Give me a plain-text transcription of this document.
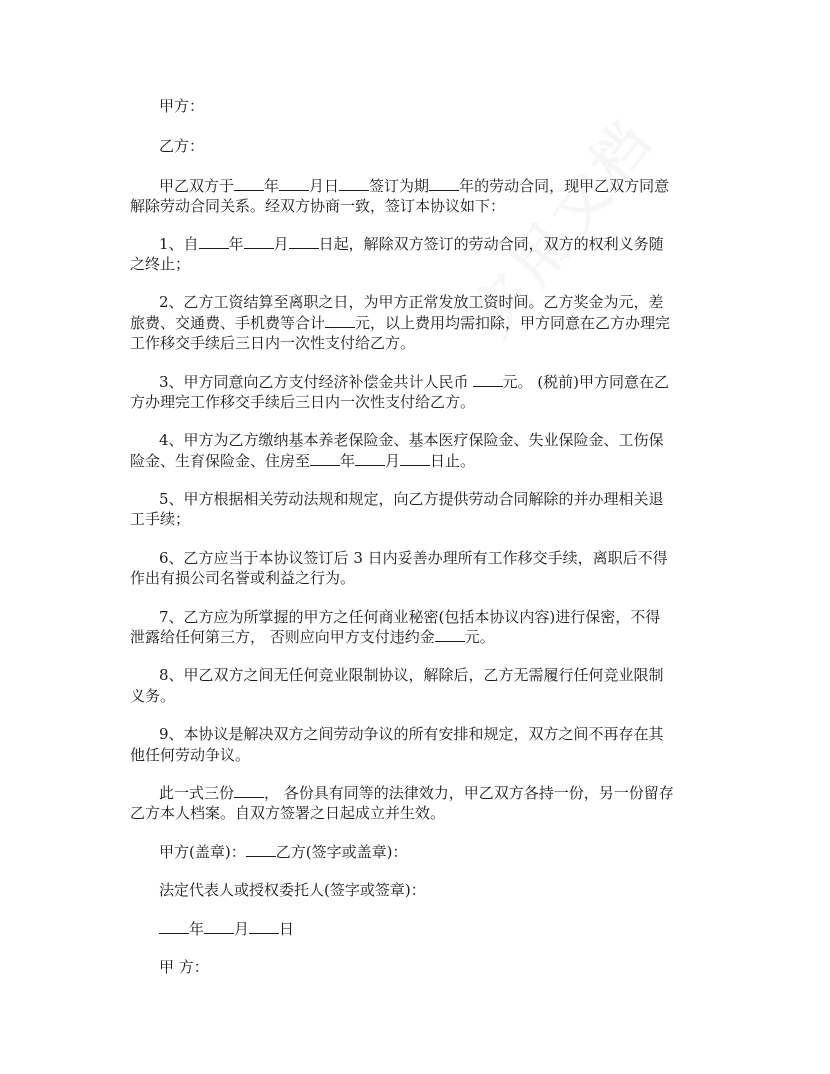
甲方：
乙方：
甲乙双方于 年 月日 签订为期 年的劳动合同，现甲乙双方同意
解除劳动合同关系。经双方协商一致，签订本协议如下：
1、自 年 月 日起，解除双方签订的劳动合同，双方的权利义务随
之终止；
2、乙方工资结算至离职之日，为甲方正常发放工资时间。乙方奖金为元，差
旅费、交通费、手机费等合计 元，以上费用均需扣除，甲方同意在乙方办理完
工作移交手续后三日内一次性支付给乙方。
3、甲方同意向乙方支付经济补偿金共计人民币 元。 (税前)甲方同意在乙
方办理完工作移交手续后三日内一次性支付给乙方。
4、甲方为乙方缴纳基本养老保险金、基本医疗保险金、失业保险金、工伤保
险金、生育保险金、住房至 年 月 日止。
5、甲方根据相关劳动法规和规定，向乙方提供劳动合同解除的并办理相关退
工手续；
6、乙方应当于本协议签订后 3 日内妥善办理所有工作移交手续，离职后不得
作出有损公司名誉或利益之行为。
7、乙方应为所掌握的甲方之任何商业秘密(包括本协议内容)进行保密，不得
泄露给任何第三方， 否则应向甲方支付违约金 元。
8、甲乙双方之间无任何竞业限制协议，解除后，乙方无需履行任何竞业限制
义务。
9、本协议是解决双方之间劳动争议的所有安排和规定，双方之间不再存在其
他任何劳动争议。
此一式三份 ， 各份具有同等的法律效力，甲乙双方各持一份，另一份留存
乙方本人档案。自双方签署之日起成立并生效。
甲方(盖章)： 乙方(签字或盖章)：
法定代表人或授权委托人(签字或签章)：
年 月 日
甲 方：
